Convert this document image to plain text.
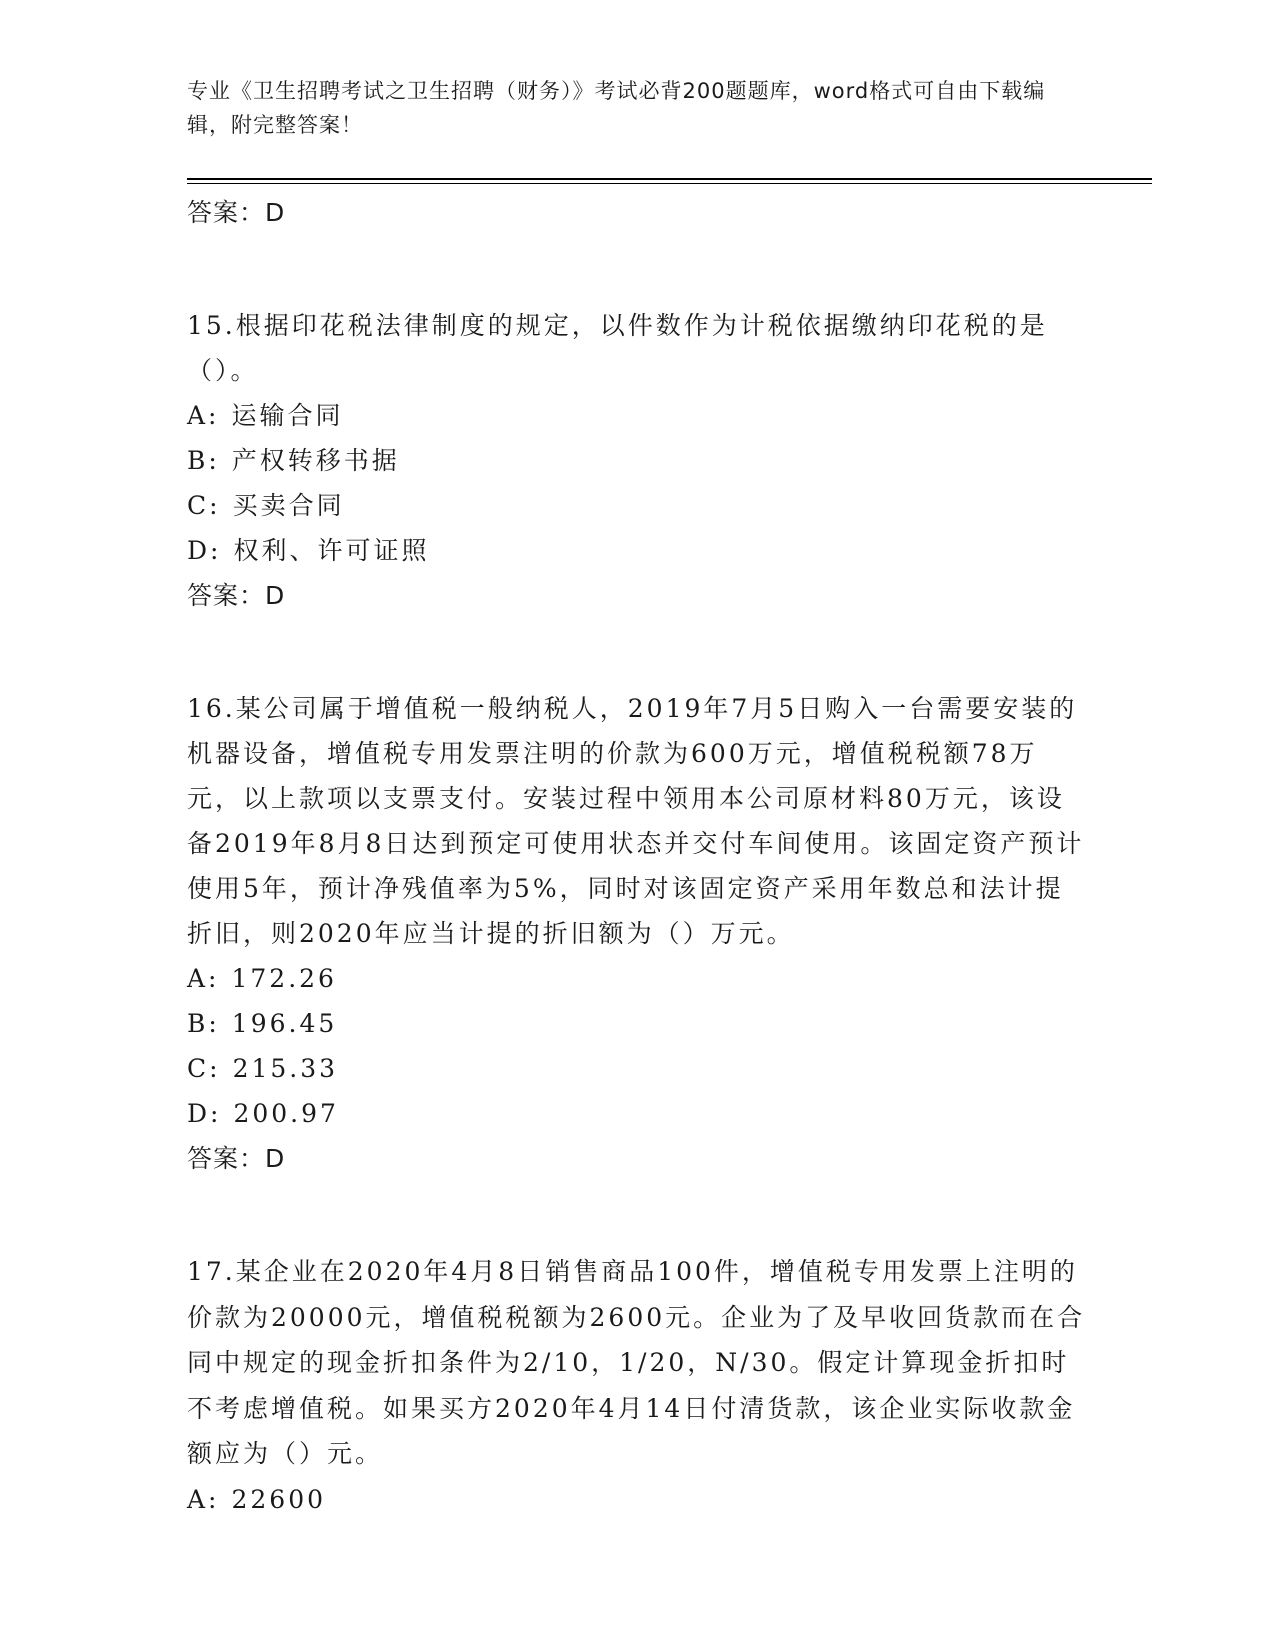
专业《卫生招聘考试之卫生招聘（财务）》考试必背200题题库，word格式可自由下载编辑，附完整答案！

答案：D

15.根据印花税法律制度的规定，以件数作为计税依据缴纳印花税的是（）。

A: 运输合同
B: 产权转移书据
C: 买卖合同
D: 权利、许可证照

答案：D

16.某公司属于增值税一般纳税人，2019年7月5日购入一台需要安装的机器设备，增值税专用发票注明的价款为600万元，增值税税额78万元，以上款项以支票支付。安装过程中领用本公司原材料80万元，该设备2019年8月8日达到预定可使用状态并交付车间使用。该固定资产预计使用5年，预计净残值率为5%，同时对该固定资产采用年数总和法计提折旧，则2020年应当计提的折旧额为（）万元。

A: 172.26
B: 196.45
C: 215.33
D: 200.97

答案：D

17.某企业在2020年4月8日销售商品100件，增值税专用发票上注明的价款为20000元，增值税税额为2600元。企业为了及早收回货款而在合同中规定的现金折扣条件为2/10，1/20，N/30。假定计算现金折扣时不考虑增值税。如果买方2020年4月14日付清货款，该企业实际收款金额应为（）元。

A: 22600
